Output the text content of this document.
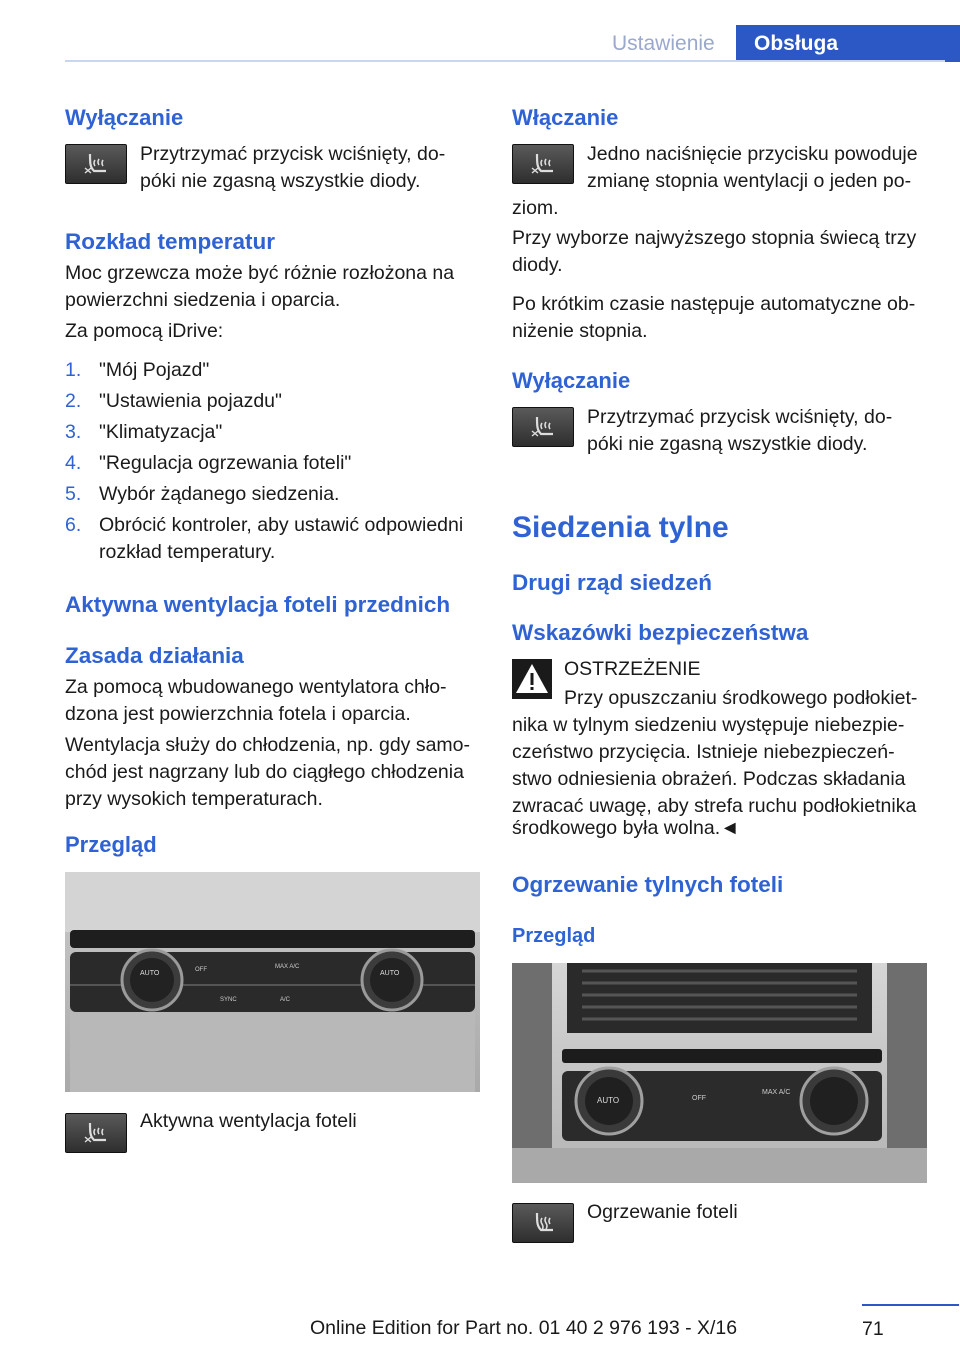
Ustawienie	Obsługa
Wyłączanie
Przytrzymać przycisk wciśnięty, do-
póki nie zgasną wszystkie diody.
Rozkład temperatur
Moc grzewcza może być różnie rozłożona na
powierzchni siedzenia i oparcia.
Za pomocą iDrive:
1. "Mój Pojazd"
2. "Ustawienia pojazdu"
3. "Klimatyzacja"
4. "Regulacja ogrzewania foteli"
5. Wybór żądanego siedzenia.
6. Obrócić kontroler, aby ustawić odpowiedni
rozkład temperatury.
Aktywna wentylacja foteli przednich
Zasada działania
Za pomocą wbudowanego wentylatora chło-
dzona jest powierzchnia fotela i oparcia.
Wentylacja służy do chłodzenia, np. gdy samo-
chód jest nagrzany lub do ciągłego chłodzenia
przy wysokich temperaturach.
Przegląd
AUTO	AUTO
OFF	MAX A/C
SYNC	A/C
Aktywna wentylacja foteli
Włączanie
Jedno naciśnięcie przycisku powoduje
zmianę stopnia wentylacji o jeden po-
ziom.
Przy wyborze najwyższego stopnia świecą trzy
diody.
Po krótkim czasie następuje automatyczne ob-
niżenie stopnia.
Wyłączanie
Przytrzymać przycisk wciśnięty, do-
póki nie zgasną wszystkie diody.
Siedzenia tylne
Drugi rząd siedzeń
Wskazówki bezpieczeństwa
OSTRZEŻENIE
Przy opuszczaniu środkowego podłokiet-
nika w tylnym siedzeniu występuje niebezpie-
czeństwo przycięcia. Istnieje niebezpieczeń-
stwo odniesienia obrażeń. Podczas składania
zwracać uwagę, aby strefa ruchu podłokietnika
środkowego była wolna.◄
Ogrzewanie tylnych foteli
Przegląd
AUTO	OFF
MAX A/C
Ogrzewanie foteli
71
Online Edition for Part no. 01 40 2 976 193 - X/16
